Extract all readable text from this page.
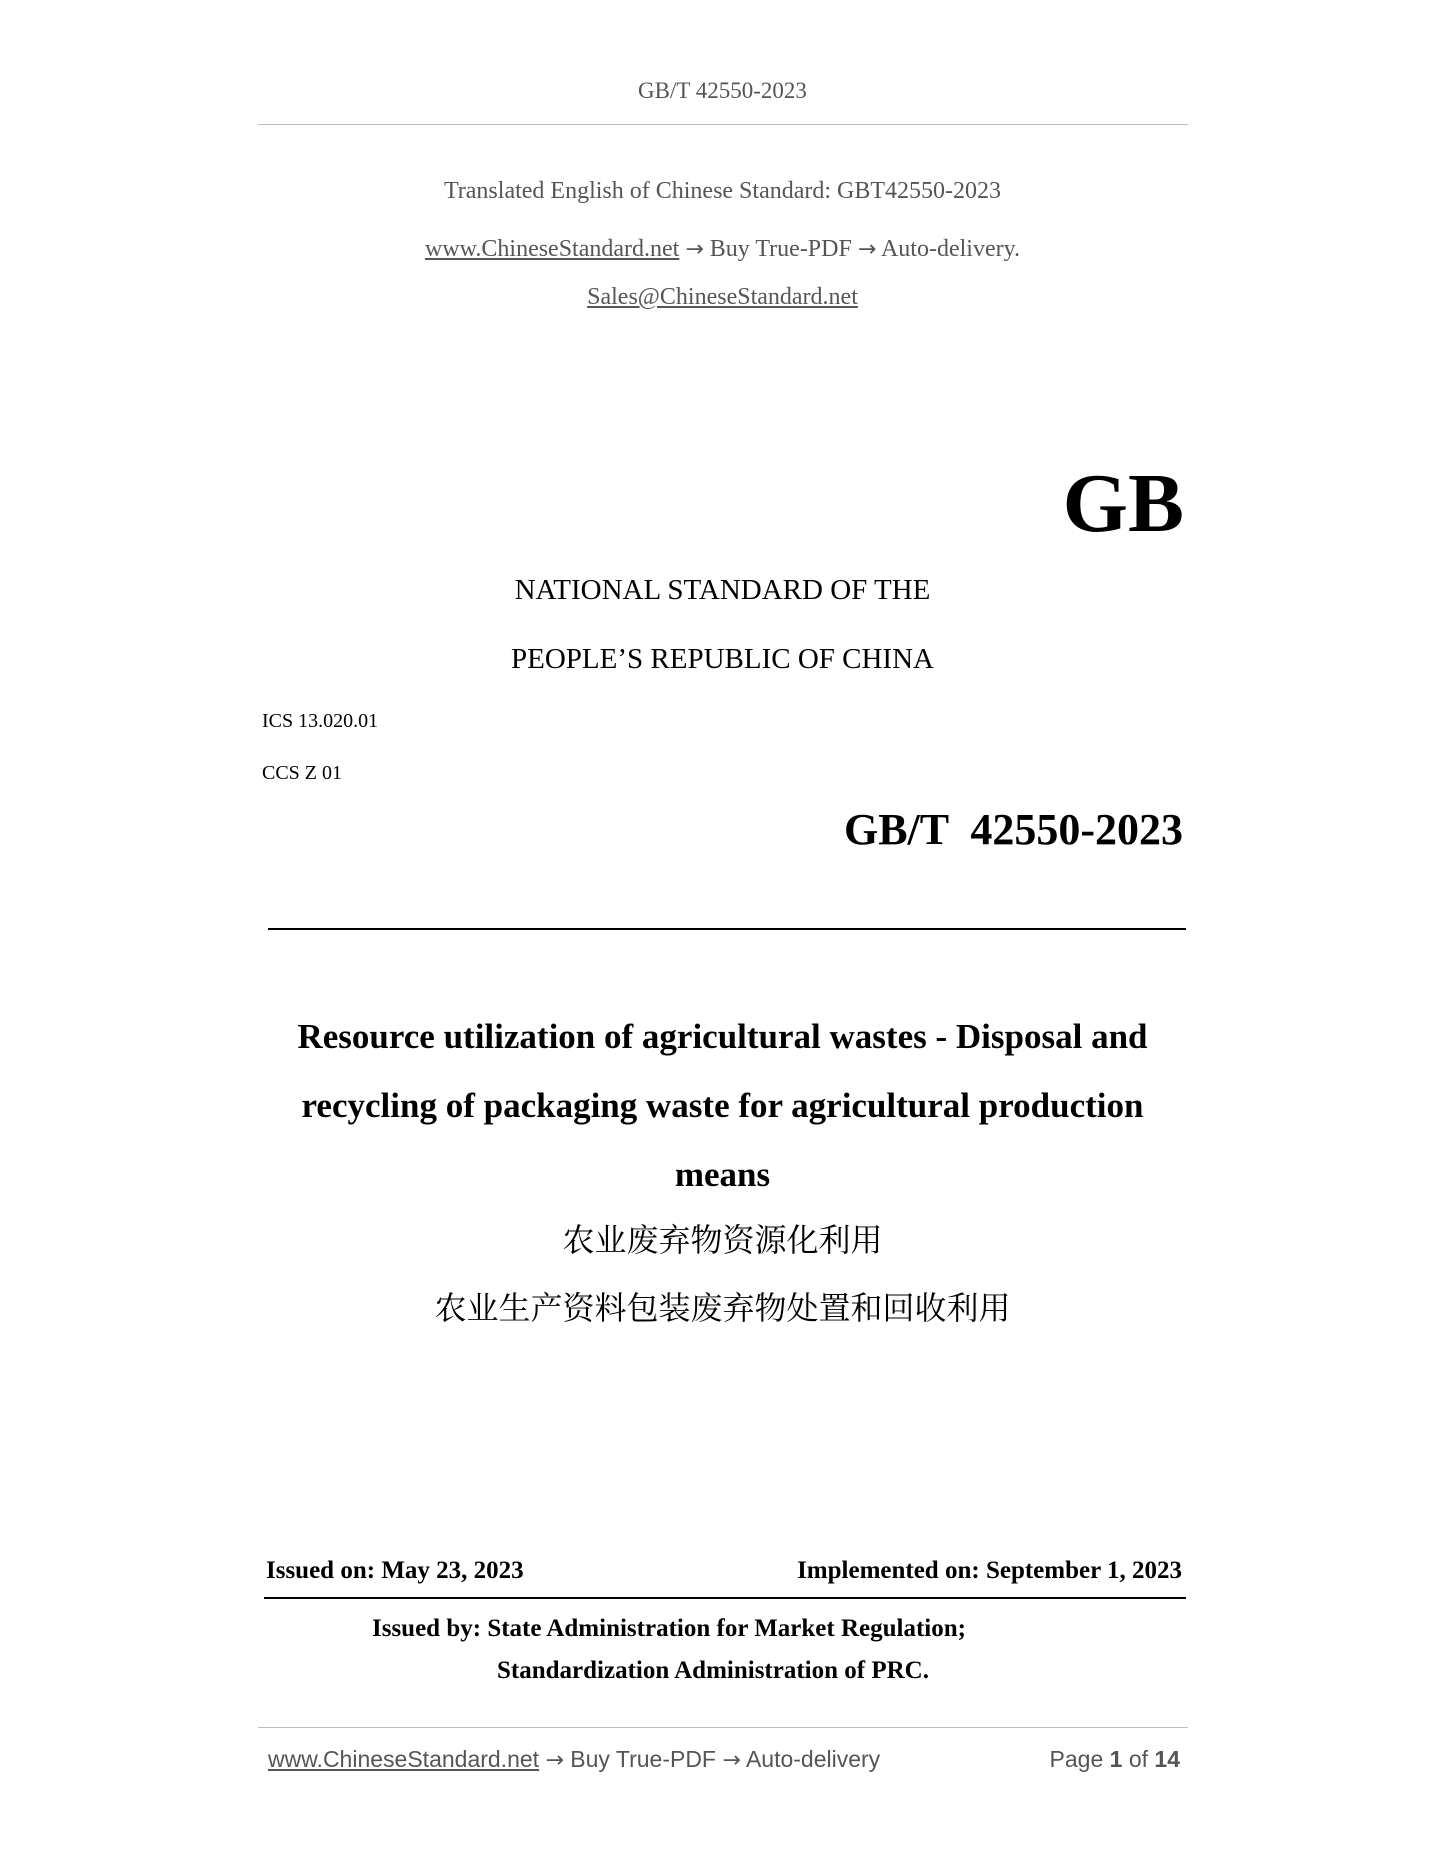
GB/T 42550-2023
Translated English of Chinese Standard: GBT42550-2023
www.ChineseStandard.net → Buy True-PDF → Auto-delivery.
Sales@ChineseStandard.net
GB
NATIONAL STANDARD OF THE
PEOPLE’S REPUBLIC OF CHINA
ICS 13.020.01
CCS Z 01
GB/T  42550-2023
Resource utilization of agricultural wastes - Disposal and
recycling of packaging waste for agricultural production
means
农业废弃物资源化利用
农业生产资料包装废弃物处置和回收利用
Issued on: May 23, 2023	Implemented on: September 1, 2023
Issued by: State Administration for Market Regulation;
Standardization Administration of PRC.
www.ChineseStandard.net → Buy True-PDF → Auto-delivery	Page 1 of 14
